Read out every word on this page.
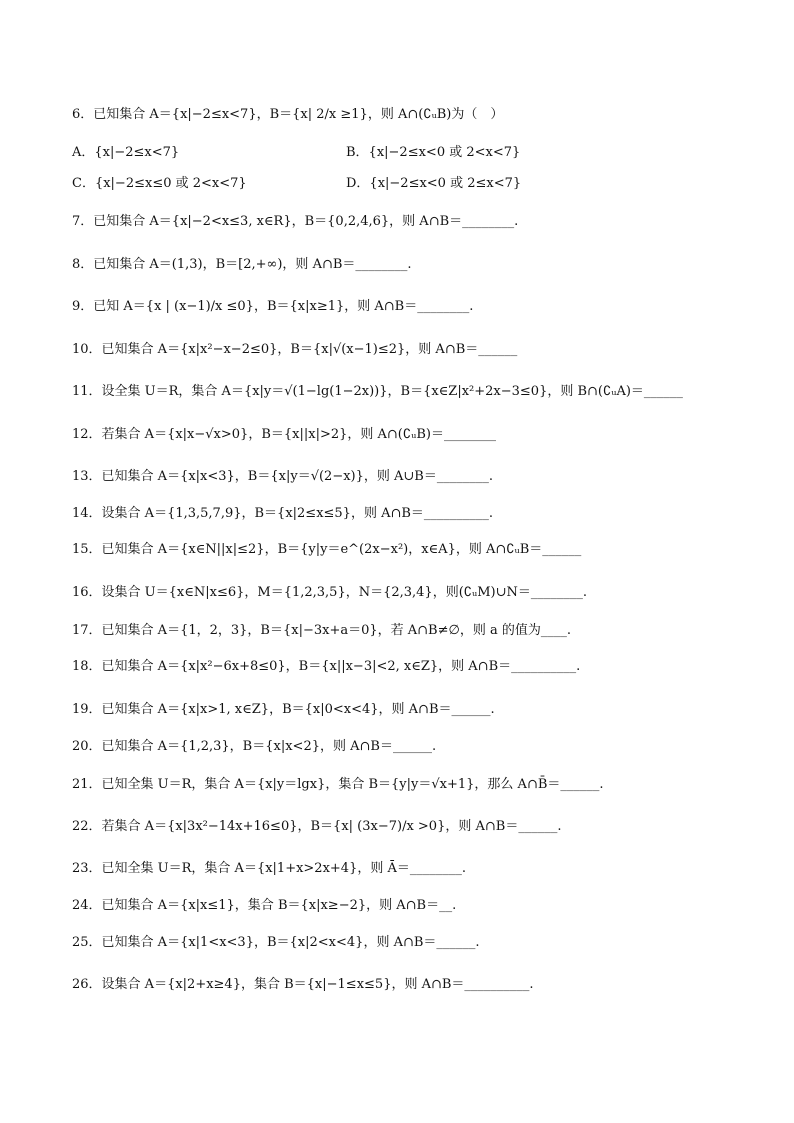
6．已知集合 A＝{x|−2≤x<7}，B＝{x| 2/x ≥1}，则 A∩(∁ᵤB)为（　）
A．{x|−2≤x<7}	B．{x|−2≤x<0 或 2<x<7}
C．{x|−2≤x≤0 或 2<x<7}	D．{x|−2≤x<0 或 2≤x<7}
7．已知集合 A＝{x|−2<x≤3, x∈R}，B＝{0,2,4,6}，则 A∩B＝________.
8．已知集合 A＝(1,3)，B＝[2,+∞)，则 A∩B＝________.
9．已知 A＝{x | (x−1)/x ≤0}，B＝{x|x≥1}，则 A∩B＝________.
10．已知集合 A＝{x|x²−x−2≤0}，B＝{x|√(x−1)≤2}，则 A∩B＝______
11．设全集 U＝R，集合 A＝{x|y＝√(1−lg(1−2x))}，B＝{x∈Z|x²+2x−3≤0}，则 B∩(∁ᵤA)＝______
12．若集合 A＝{x|x−√x>0}，B＝{x||x|>2}，则 A∩(∁ᵤB)＝________
13．已知集合 A＝{x|x<3}，B＝{x|y＝√(2−x)}，则 A∪B＝________.
14．设集合 A＝{1,3,5,7,9}，B＝{x|2≤x≤5}，则 A∩B＝__________.
15．已知集合 A＝{x∈N||x|≤2}，B＝{y|y＝e^(2x−x²)，x∈A}，则 A∩∁ᵤB＝______
16．设集合 U＝{x∈N|x≤6}，M＝{1,2,3,5}，N＝{2,3,4}，则(∁ᵤM)∪N＝________.
17．已知集合 A＝{1，2，3}，B＝{x|−3x+a＝0}，若 A∩B≠∅，则 a 的值为____.
18．已知集合 A＝{x|x²−6x+8≤0}，B＝{x||x−3|<2, x∈Z}，则 A∩B＝__________.
19．已知集合 A＝{x|x>1, x∈Z}，B＝{x|0<x<4}，则 A∩B＝______.
20．已知集合 A＝{1,2,3}，B＝{x|x<2}，则 A∩B＝______.
21．已知全集 U＝R，集合 A＝{x|y＝lgx}，集合 B＝{y|y＝√x+1}，那么 A∩B̄＝______.
22．若集合 A＝{x|3x²−14x+16≤0}，B＝{x| (3x−7)/x >0}，则 A∩B＝______.
23．已知全集 U＝R，集合 A＝{x|1+x>2x+4}，则 Ā＝________.
24．已知集合 A＝{x|x≤1}，集合 B＝{x|x≥−2}，则 A∩B＝__.
25．已知集合 A＝{x|1<x<3}，B＝{x|2<x<4}，则 A∩B＝______.
26．设集合 A＝{x|2+x≥4}，集合 B＝{x|−1≤x≤5}，则 A∩B＝__________.
